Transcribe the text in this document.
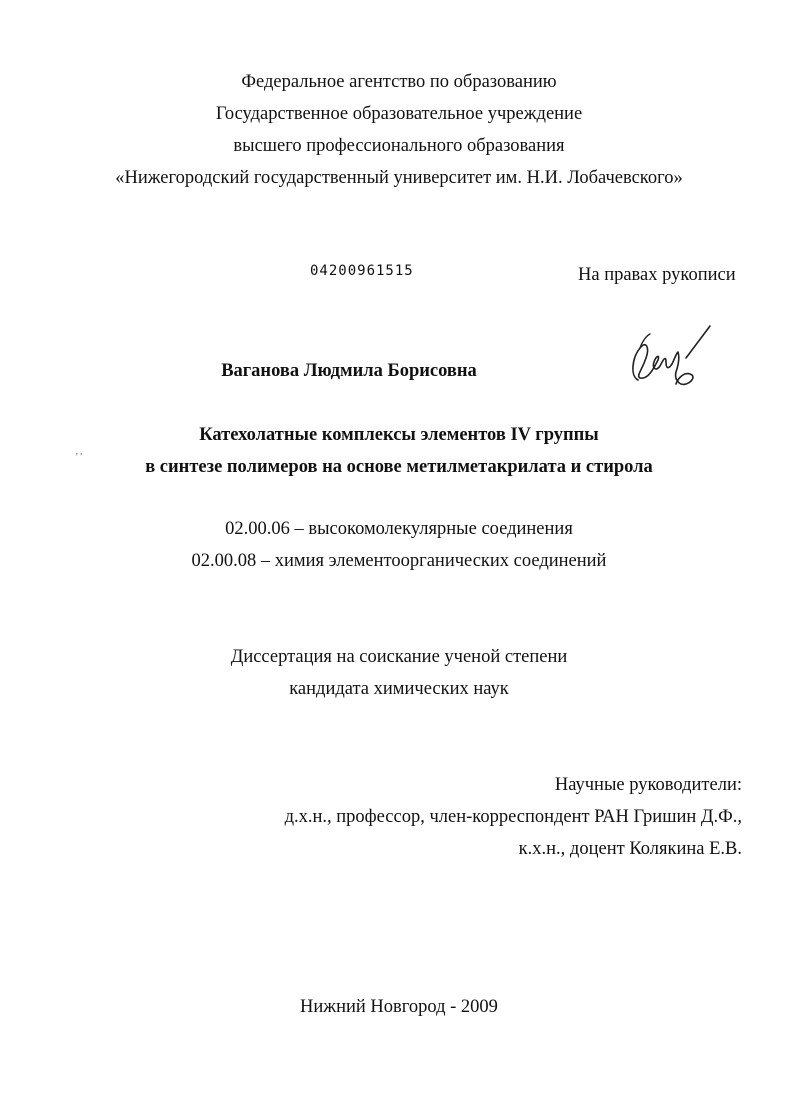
Федеральное агентство по образованию
Государственное образовательное учреждение
высшего профессионального образования
«Нижегородский государственный университет им. Н.И. Лобачевского»
04200961515	На правах рукописи
Ваганова Людмила Борисовна
' '
Катехолатные комплексы элементов IV группы
в синтезе полимеров на основе метилметакрилата и стирола
02.00.06 – высокомолекулярные соединения
02.00.08 – химия элементоорганических соединений
Диссертация на соискание ученой степени
кандидата химических наук
Научные руководители:
д.х.н., профессор, член-корреспондент РАН Гришин Д.Ф.,
к.х.н., доцент Колякина Е.В.
Нижний Новгород - 2009
